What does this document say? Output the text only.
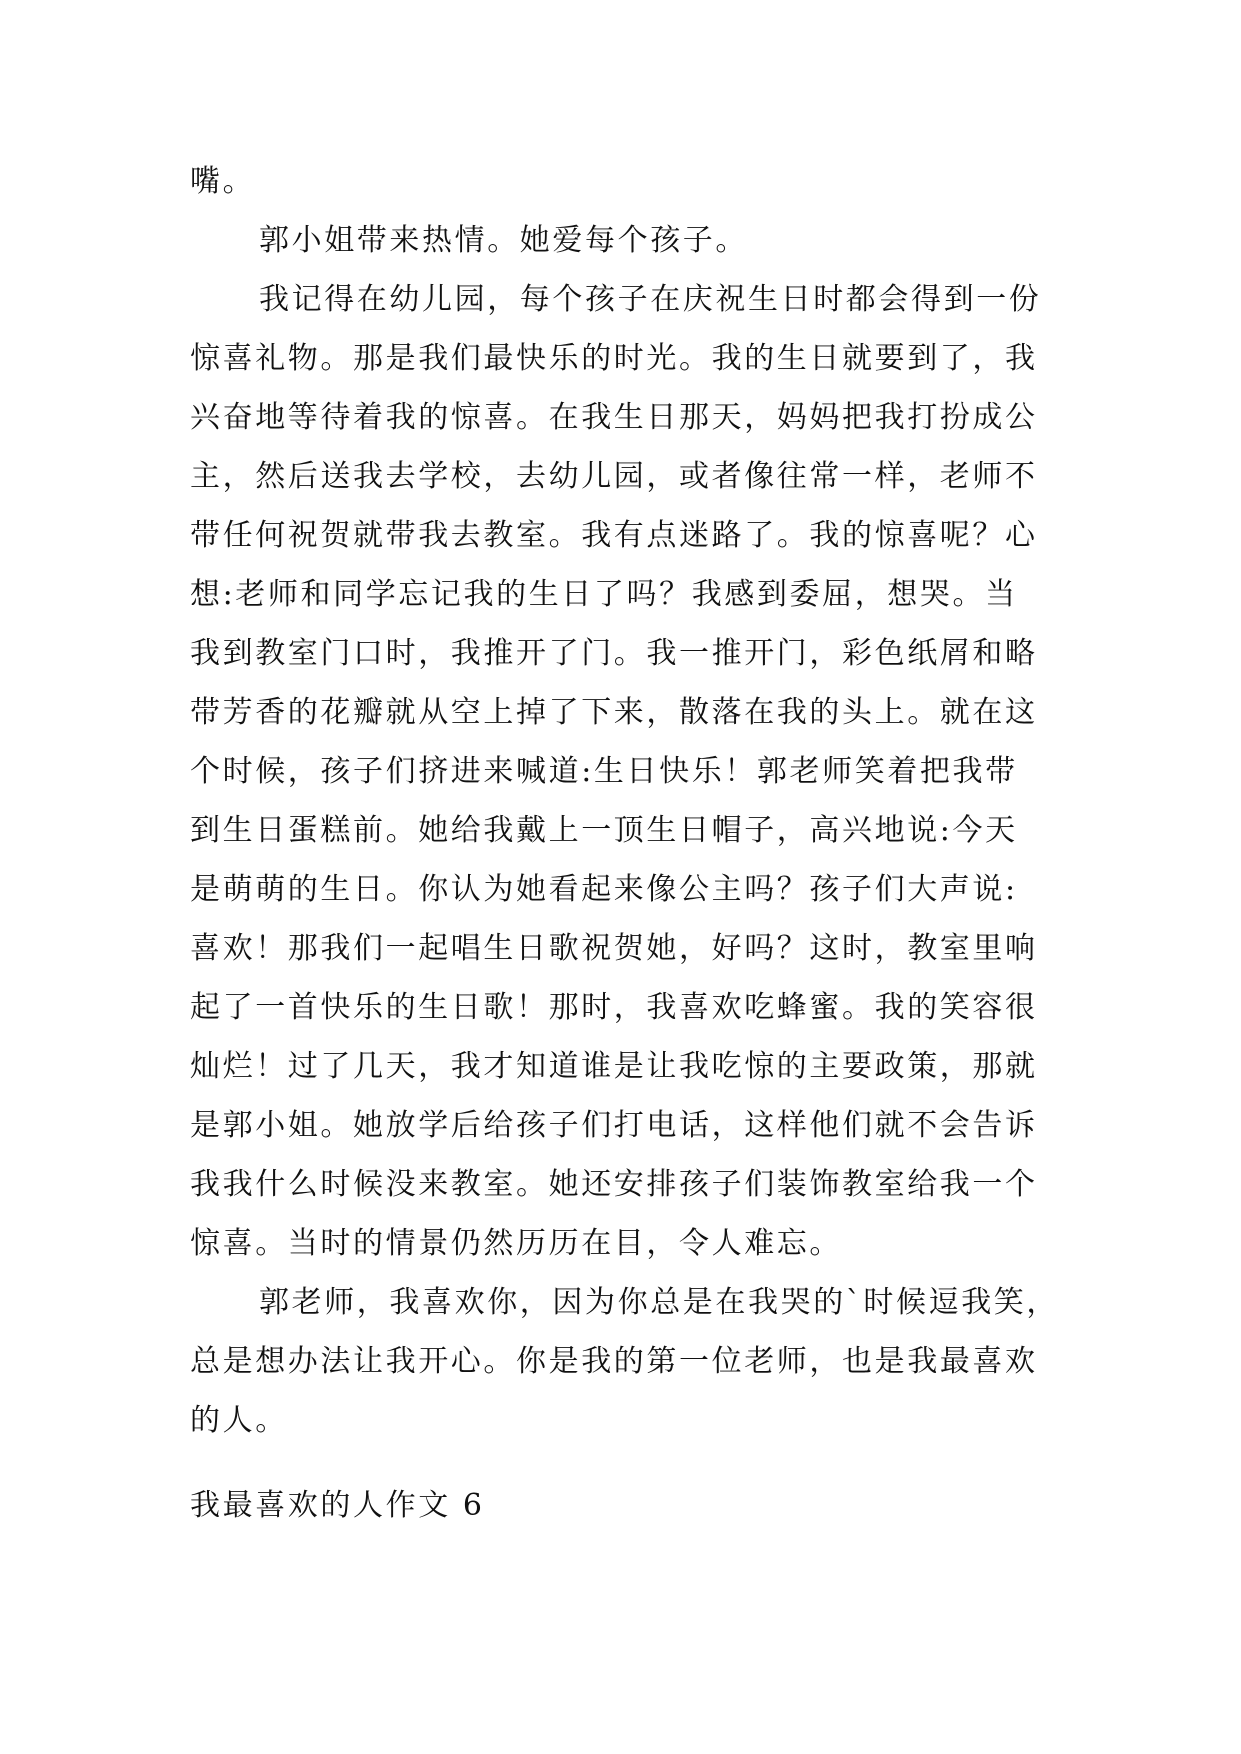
嘴。
郭小姐带来热情。她爱每个孩子。
我记得在幼儿园，每个孩子在庆祝生日时都会得到一份
惊喜礼物。那是我们最快乐的时光。我的生日就要到了，我
兴奋地等待着我的惊喜。在我生日那天，妈妈把我打扮成公
主，然后送我去学校，去幼儿园，或者像往常一样，老师不
带任何祝贺就带我去教室。我有点迷路了。我的惊喜呢？心
想:老师和同学忘记我的生日了吗？我感到委屈，想哭。当
我到教室门口时，我推开了门。我一推开门，彩色纸屑和略
带芳香的花瓣就从空上掉了下来，散落在我的头上。就在这
个时候，孩子们挤进来喊道:生日快乐！郭老师笑着把我带
到生日蛋糕前。她给我戴上一顶生日帽子，高兴地说:今天
是萌萌的生日。你认为她看起来像公主吗？孩子们大声说:
喜欢！那我们一起唱生日歌祝贺她，好吗？这时，教室里响
起了一首快乐的生日歌！那时，我喜欢吃蜂蜜。我的笑容很
灿烂！过了几天，我才知道谁是让我吃惊的主要政策，那就
是郭小姐。她放学后给孩子们打电话，这样他们就不会告诉
我我什么时候没来教室。她还安排孩子们装饰教室给我一个
惊喜。当时的情景仍然历历在目，令人难忘。
郭老师，我喜欢你，因为你总是在我哭的`时候逗我笑，
总是想办法让我开心。你是我的第一位老师，也是我最喜欢
的人。
我最喜欢的人作文 6
